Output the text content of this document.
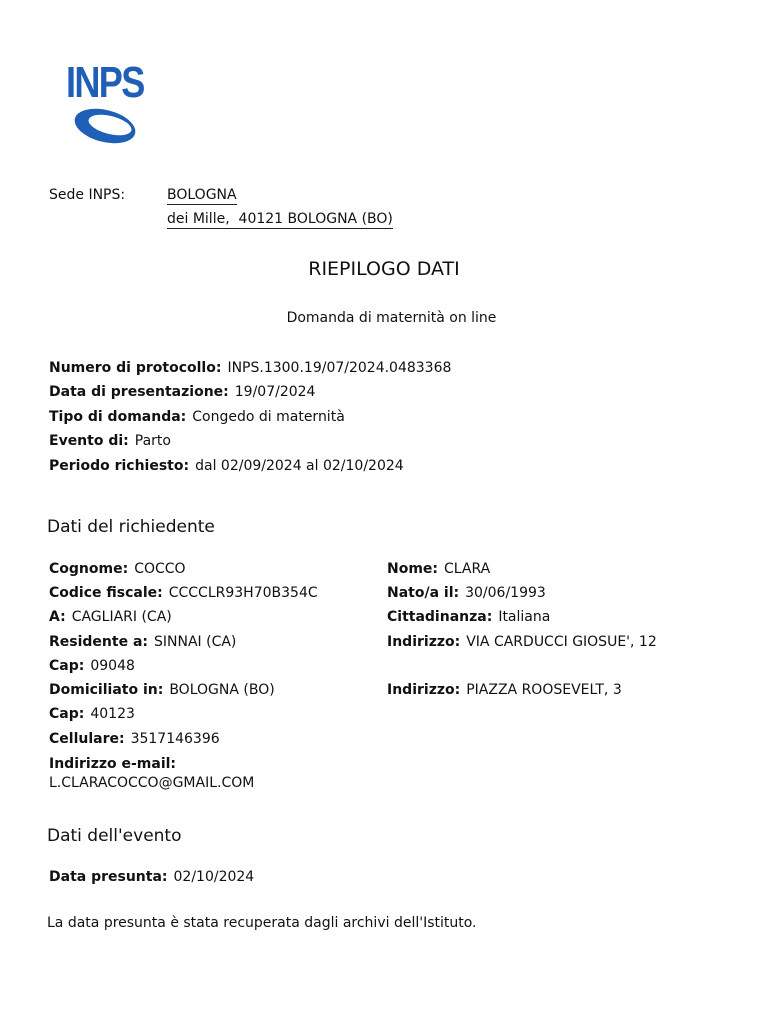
INPS
Sede INPS:	BOLOGNA
dei Mille,  40121 BOLOGNA (BO)
RIEPILOGO DATI
Domanda di maternità on line
Numero di protocollo: INPS.1300.19/07/2024.0483368
Data di presentazione: 19/07/2024
Tipo di domanda: Congedo di maternità
Evento di: Parto
Periodo richiesto: dal 02/09/2024 al 02/10/2024
Dati del richiedente
Cognome: COCCO
Codice fiscale: CCCCLR93H70B354C
A: CAGLIARI (CA)
Residente a: SINNAI (CA)
Cap: 09048
Domiciliato in: BOLOGNA (BO)
Cap: 40123
Cellulare: 3517146396
Indirizzo e-mail:
L.CLARACOCCO@GMAIL.COM
Nome: CLARA
Nato/a il: 30/06/1993
Cittadinanza: Italiana
Indirizzo: VIA CARDUCCI GIOSUE', 12
Indirizzo: PIAZZA ROOSEVELT, 3
Dati dell'evento
Data presunta: 02/10/2024
La data presunta è stata recuperata dagli archivi dell'Istituto.
